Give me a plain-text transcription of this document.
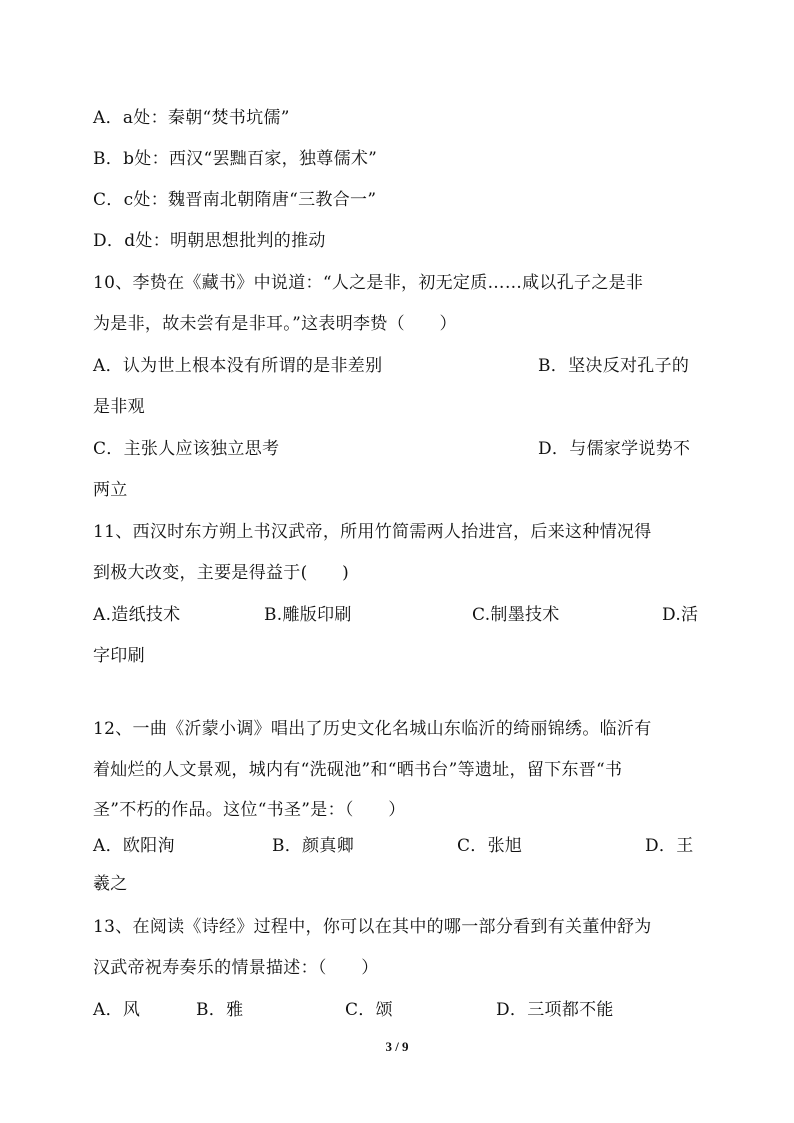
A．a处：秦朝“焚书坑儒”
B．b处：西汉“罢黜百家，独尊儒术”
C．c处：魏晋南北朝隋唐“三教合一”
D．d处：明朝思想批判的推动
10、李贽在《藏书》中说道：“人之是非，初无定质……咸以孔子之是非
为是非，故未尝有是非耳。”这表明李贽（　　）
A．认为世上根本没有所谓的是非差别	B．坚决反对孔子的
是非观
C．主张人应该独立思考	D．与儒家学说势不
两立
11、西汉时东方朔上书汉武帝，所用竹简需两人抬进宫，后来这种情况得
到极大改变，主要是得益于(　　)
A.造纸技术	B.雕版印刷	C.制墨技术	D.活
字印刷
12、一曲《沂蒙小调》唱出了历史文化名城山东临沂的绮丽锦绣。临沂有
着灿烂的人文景观，城内有“洗砚池”和“晒书台”等遗址，留下东晋“书
圣”不朽的作品。这位“书圣”是：（　　）
A．欧阳洵	B．颜真卿	C．张旭	D．王
羲之
13、在阅读《诗经》过程中，你可以在其中的哪一部分看到有关董仲舒为
汉武帝祝寿奏乐的情景描述：（　　）
A．风	B．雅	C．颂	D．三项都不能
3 / 9
